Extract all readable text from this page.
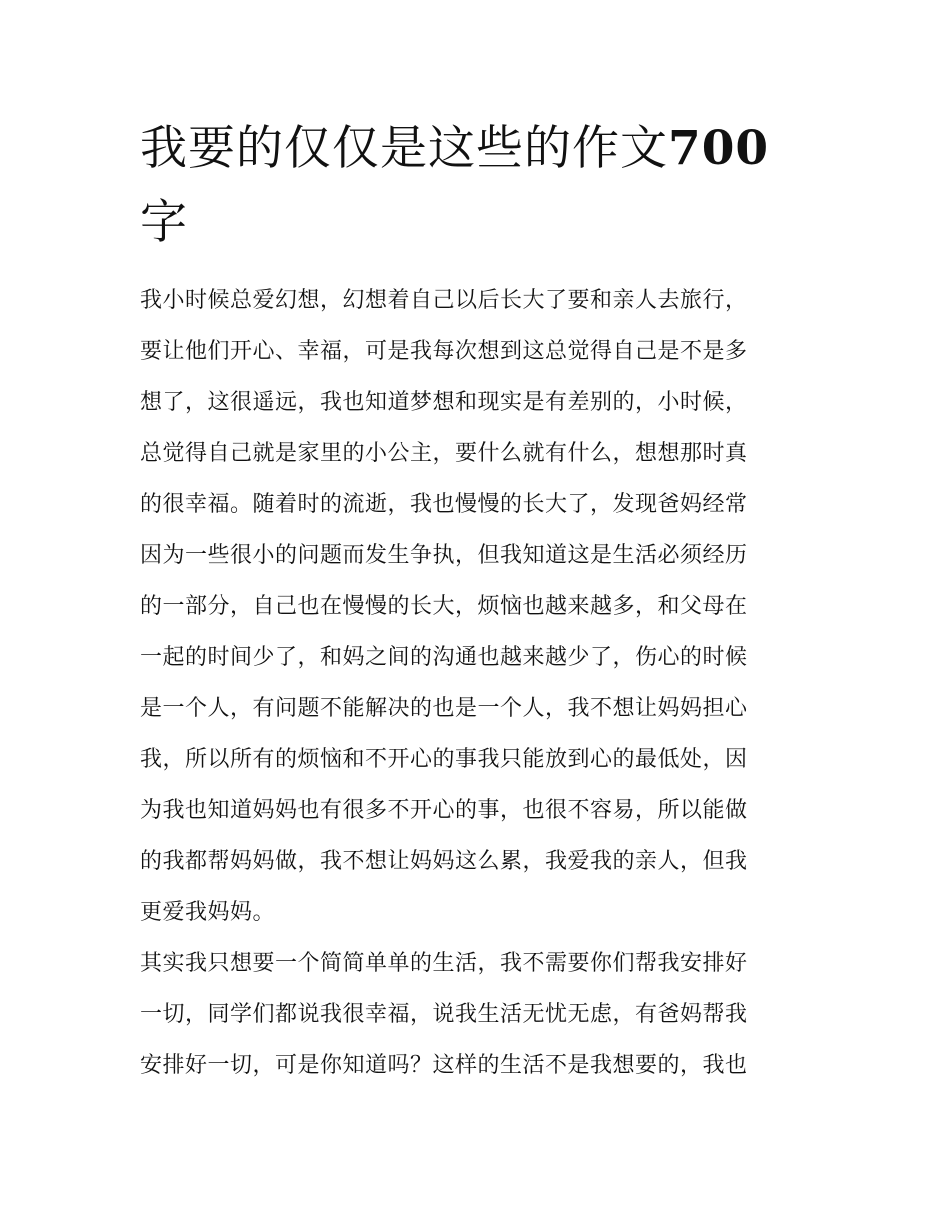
我要的仅仅是这些的作文700
字
我小时候总爱幻想，幻想着自己以后长大了要和亲人去旅行，
要让他们开心、幸福，可是我每次想到这总觉得自己是不是多
想了，这很遥远，我也知道梦想和现实是有差别的，小时候，
总觉得自己就是家里的小公主，要什么就有什么，想想那时真
的很幸福。随着时的流逝，我也慢慢的长大了，发现爸妈经常
因为一些很小的问题而发生争执，但我知道这是生活必须经历
的一部分，自己也在慢慢的长大，烦恼也越来越多，和父母在
一起的时间少了，和妈之间的沟通也越来越少了，伤心的时候
是一个人，有问题不能解决的也是一个人，我不想让妈妈担心
我，所以所有的烦恼和不开心的事我只能放到心的最低处，因
为我也知道妈妈也有很多不开心的事，也很不容易，所以能做
的我都帮妈妈做，我不想让妈妈这么累，我爱我的亲人，但我
更爱我妈妈。
其实我只想要一个简简单单的生活，我不需要你们帮我安排好
一切，同学们都说我很幸福，说我生活无忧无虑，有爸妈帮我
安排好一切，可是你知道吗？这样的生活不是我想要的，我也
